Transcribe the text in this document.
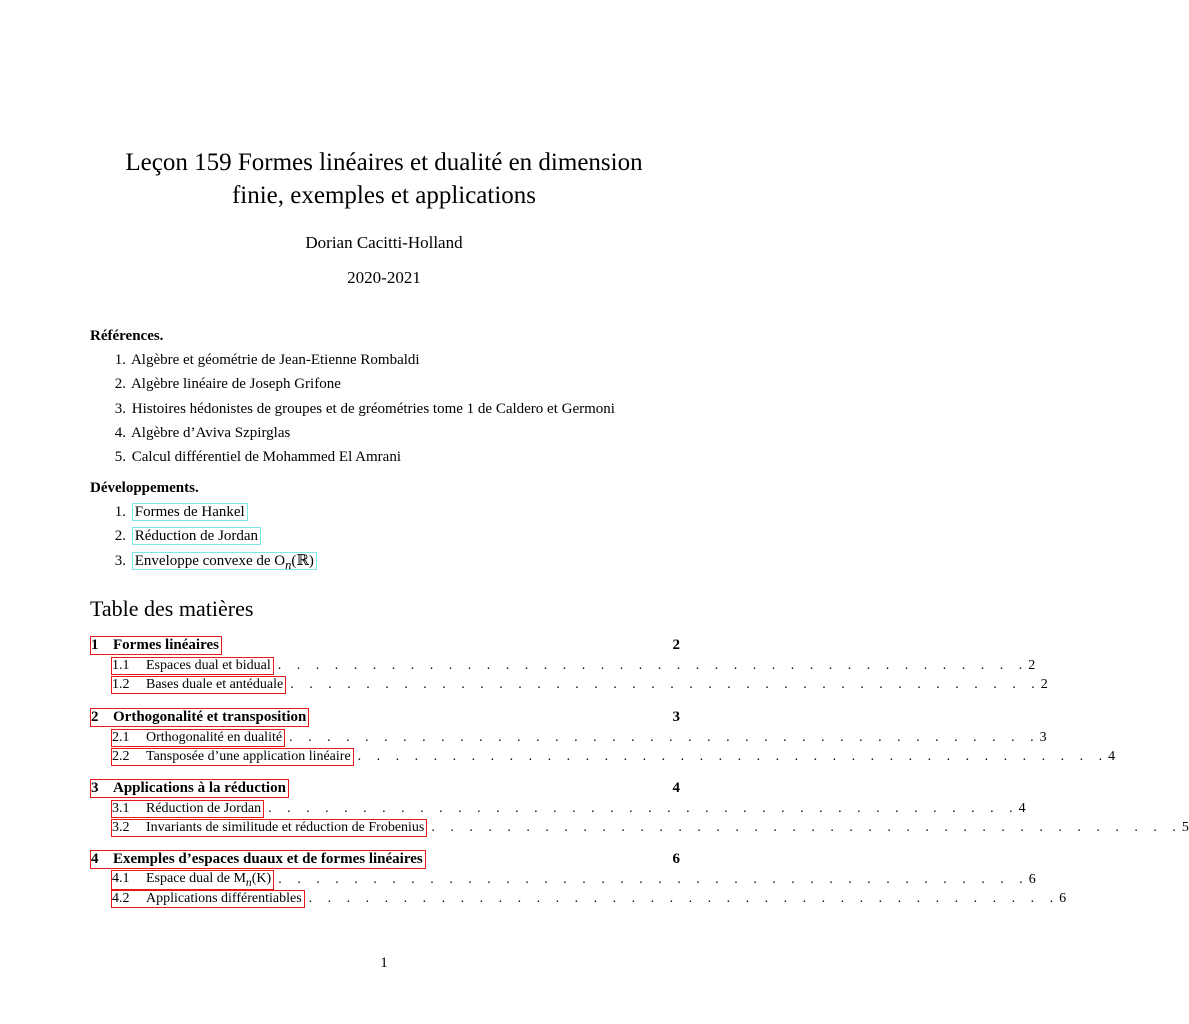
Leçon 159 Formes linéaires et dualité en dimension
finie, exemples et applications
Dorian Cacitti-Holland
2020-2021
Références.
1. Algèbre et géométrie de Jean-Etienne Rombaldi
2. Algèbre linéaire de Joseph Grifone
3. Histoires hédonistes de groupes et de gréométries tome 1 de Caldero et Germoni
4. Algèbre d’Aviva Szpirglas
5. Calcul différentiel de Mohammed El Amrani
Développements.
1. Formes de Hankel
2. Réduction de Jordan
3. Enveloppe convexe de $O_n(ℝ)$
Table des matières
1 Formes linéaires	2
1.1 Espaces dual et bidual . . . . . . . . . . . . . . . . . . . . . . . . . . . . . . . . . . . . . . . . 2
1.2 Bases duale et antéduale . . . . . . . . . . . . . . . . . . . . . . . . . . . . . . . . . . . . . . . . 2
2 Orthogonalité et transposition	3
2.1 Orthogonalité en dualité . . . . . . . . . . . . . . . . . . . . . . . . . . . . . . . . . . . . . . . . 3
2.2 Tansposée d’une application linéaire . . . . . . . . . . . . . . . . . . . . . . . . . . . . . . . . . . . . . . . . 4
3 Applications à la réduction	4
3.1 Réduction de Jordan . . . . . . . . . . . . . . . . . . . . . . . . . . . . . . . . . . . . . . . . 4
3.2 Invariants de similitude et réduction de Frobenius . . . . . . . . . . . . . . . . . . . . . . . . . . . . . . . . . . . . . . . . 5
4 Exemples d’espaces duaux et de formes linéaires	6
4.1 Espace dual de $M_n(K)$ . . . . . . . . . . . . . . . . . . . . . . . . . . . . . . . . . . . . . . . . 6
4.2 Applications différentiables . . . . . . . . . . . . . . . . . . . . . . . . . . . . . . . . . . . . . . . . 6
1
